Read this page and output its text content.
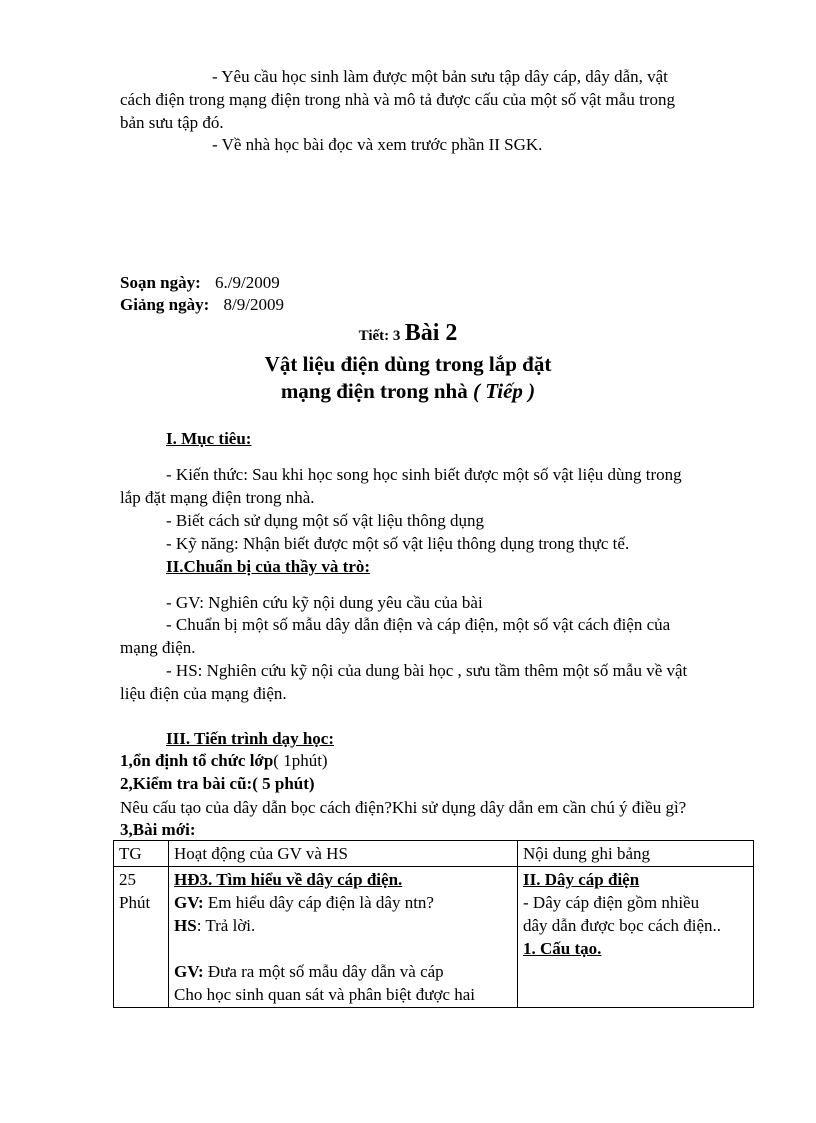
- Yêu cầu học sinh làm được một bản sưu tập dây cáp, dây dẫn, vật
cách điện trong mạng điện trong nhà và mô tả được cấu của một số vật mẫu trong
bản sưu tập đó.
- Về nhà học bài đọc và xem trước phần II SGK.
Soạn ngày: 6./9/2009
Giảng ngày: 8/9/2009
Tiết: 3 Bài 2
Vật liệu điện dùng trong lắp đặt
mạng điện trong nhà ( Tiếp )
I. Mục tiêu:
- Kiến thức: Sau khi học song học sinh biết được một số vật liệu dùng trong
lắp đặt mạng điện trong nhà.
- Biết cách sử dụng một số vật liệu thông dụng
- Kỹ năng: Nhận biết được một số vật liệu thông dụng trong thực tế.
II.Chuẩn bị của thầy và trò:
- GV: Nghiên cứu kỹ nội dung yêu cầu của bài
- Chuẩn bị một số mẫu dây dẫn điện và cáp điện, một số vật cách điện của
mạng điện.
- HS: Nghiên cứu kỹ nội của dung bài học , sưu tầm thêm một số mẫu về vật
liệu điện của mạng điện.
III. Tiến trình dạy học:
1,ổn định tổ chức lớp( 1phút)
2,Kiểm tra bài cũ:( 5 phút)
Nêu cấu tạo của dây dẫn bọc cách điện?Khi sử dụng dây dẫn em cần chú ý điều gì?
3,Bài mới:
TG	Hoạt động của GV và HS	Nội dung ghi bảng

25
Phút	HĐ3. Tìm hiểu về dây cáp điện.
GV: Em hiểu dây cáp điện là dây ntn?
HS: Trả lời.
GV: Đưa ra một số mẫu dây dẫn và cáp
Cho học sinh quan sát và phân biệt được hai	II. Dây cáp điện
- Dây cáp điện gồm nhiều
dây dẫn được bọc cách điện..
1. Cấu tạo.
